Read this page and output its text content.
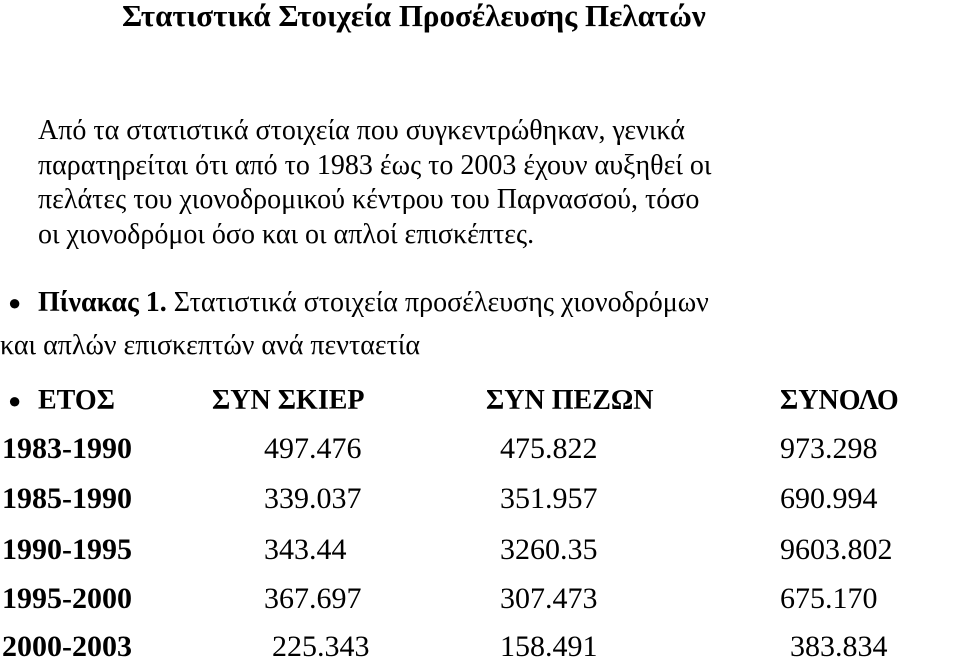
Στατιστικά Στοιχεία Προσέλευσης Πελατών
Από τα στατιστικά στοιχεία που συγκεντρώθηκαν, γενικά
παρατηρείται ότι από το 1983 έως το 2003 έχουν αυξηθεί οι
πελάτες του χιονοδρομικού κέντρου του Παρνασσού, τόσο
οι χιονοδρόμοι όσο και οι απλοί επισκέπτες.
● Πίνακας 1. Στατιστικά στοιχεία προσέλευσης χιονοδρόμων
και απλών επισκεπτών ανά πενταετία
● ΕΤΟΣ	ΣΥΝ ΣΚΙΕΡ	ΣΥΝ ΠΕΖΩΝ	ΣΥΝΟΛΟ
1983-1990	497.476	475.822	973.298
1985-1990	339.037	351.957	690.994
1990-1995	343.44	3260.35	9603.802
1995-2000	367.697	307.473	675.170
2000-2003	225.343	158.491	383.834
